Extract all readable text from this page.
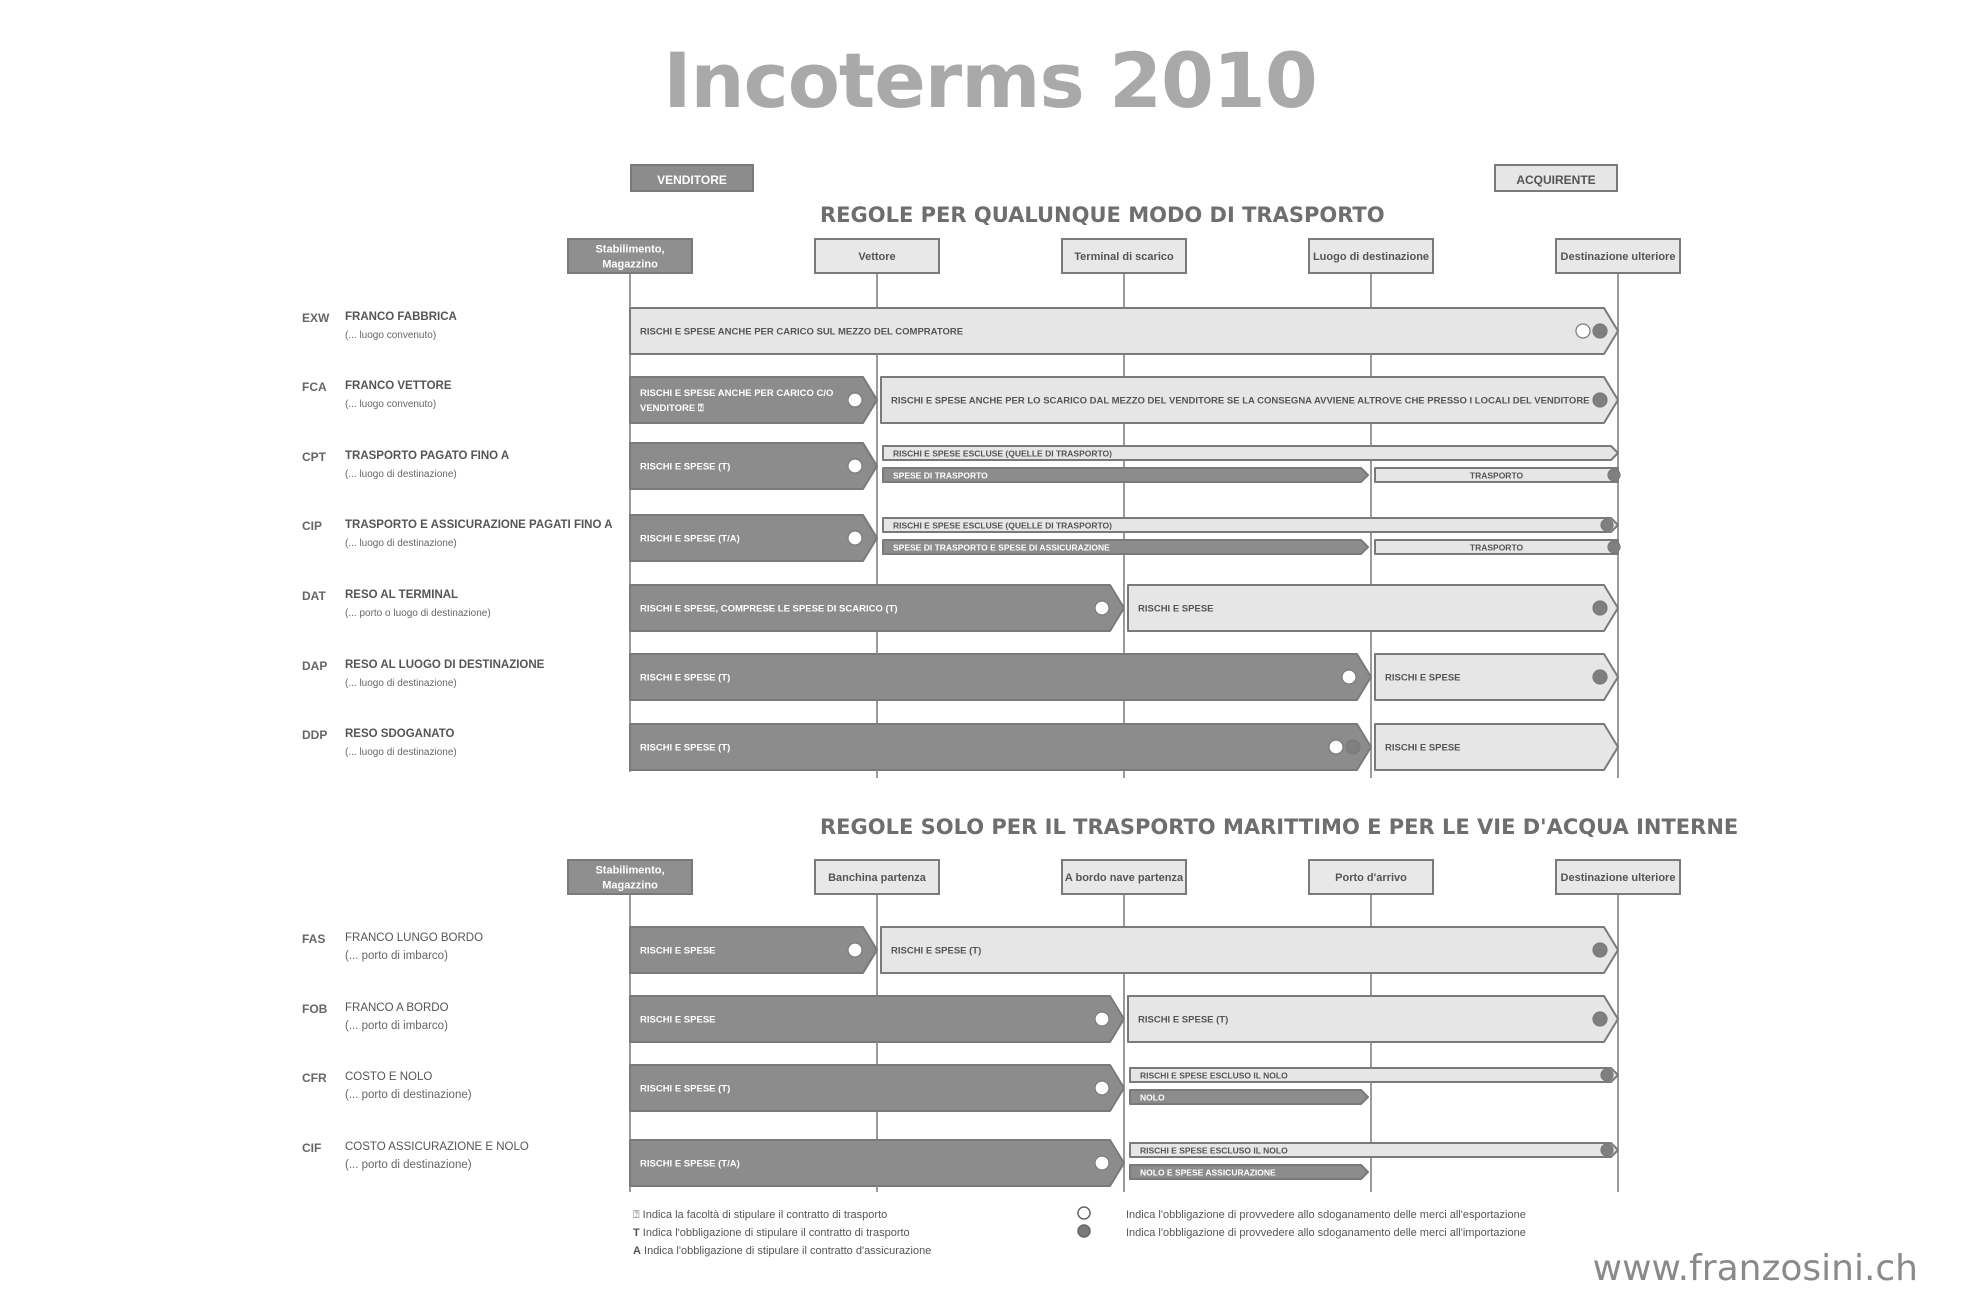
Incoterms 2010
VENDITORE	ACQUIRENTE
REGOLE PER QUALUNQUE MODO DI TRASPORTO
REGOLE SOLO PER IL TRASPORTO MARITTIMO E PER LE VIE D'ACQUA INTERNE
EXW FRANCO FABBRICA
(... luogo convenuto)
FCA FRANCO VETTORE
(... luogo convenuto)
CPT TRASPORTO PAGATO FINO A
(... luogo di destinazione)
CIP TRASPORTO E ASSICURAZIONE PAGATI FINO A
(... luogo di destinazione)
DAT RESO AL TERMINAL
(... porto o luogo di destinazione)
DAP RESO AL LUOGO DI DESTINAZIONE
(... luogo di destinazione)
DDP RESO SDOGANATO
(... luogo di destinazione)
FAS FRANCO LUNGO BORDO
(... porto di imbarco)
FOB FRANCO A BORDO
(... porto di imbarco)
CFR COSTO E NOLO
(... porto di destinazione)
CIF COSTO ASSICURAZIONE E NOLO
(... porto di destinazione)
Stabilimento,
Magazzino
Vettore	Terminal di scarico	Luogo di destinazione	Destinazione ulteriore
Stabilimento,
Magazzino
Banchina partenza	A bordo nave partenza	Porto d'arrivo	Destinazione ulteriore
RISCHI E SPESE ANCHE PER CARICO SUL MEZZO DEL COMPRATORE
RISCHI E SPESE ANCHE PER CARICO C/O
VENDITORE ⍰
RISCHI E SPESE ANCHE PER LO SCARICO DAL MEZZO DEL VENDITORE SE LA CONSEGNA AVVIENE ALTROVE CHE PRESSO I LOCALI DEL VENDITORE
RISCHI E SPESE (T)
RISCHI E SPESE ESCLUSE (QUELLE DI TRASPORTO)
SPESE DI TRASPORTO	TRASPORTO
RISCHI E SPESE (T/A)
RISCHI E SPESE ESCLUSE (QUELLE DI TRASPORTO)
SPESE DI TRASPORTO E SPESE DI ASSICURAZIONE	TRASPORTO
RISCHI E SPESE, COMPRESE LE SPESE DI SCARICO (T)	RISCHI E SPESE
RISCHI E SPESE (T)	RISCHI E SPESE
RISCHI E SPESE (T)	RISCHI E SPESE
RISCHI E SPESE	RISCHI E SPESE (T)
RISCHI E SPESE	RISCHI E SPESE (T)
RISCHI E SPESE (T)
RISCHI E SPESE ESCLUSO IL NOLO
NOLO
RISCHI E SPESE (T/A)
RISCHI E SPESE ESCLUSO IL NOLO
NOLO E SPESE ASSICURAZIONE
⍰ Indica la facoltà di stipulare il contratto di trasporto
T Indica l'obbligazione di stipulare il contratto di trasporto
A Indica l'obbligazione di stipulare il contratto d'assicurazione
Indica l'obbligazione di provvedere allo sdoganamento delle merci all'esportazione
Indica l'obbligazione di provvedere allo sdoganamento delle merci all'importazione
www.franzosini.ch
